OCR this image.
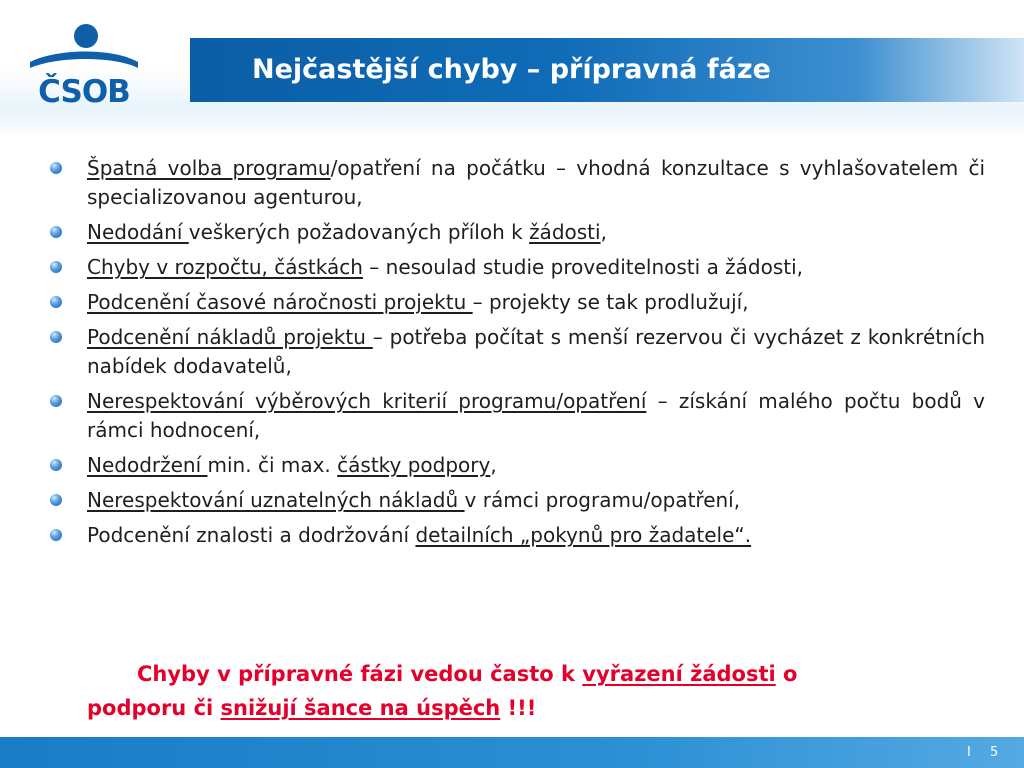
ČSOB
Nejčastější chyby – přípravná fáze
Špatná volba programu/opatření na počátku – vhodná konzultace s vyhlašovatelem či specializovanou agenturou,
Nedodání veškerých požadovaných příloh k žádosti,
Chyby v rozpočtu, částkách – nesoulad studie proveditelnosti a žádosti,
Podcenění časové náročnosti projektu – projekty se tak prodlužují,
Podcenění nákladů projektu – potřeba počítat s menší rezervou či vycházet z konkrétních nabídek dodavatelů,
Nerespektování výběrových kriterií programu/opatření – získání malého počtu bodů v rámci hodnocení,
Nedodržení min. či max. částky podpory,
Nerespektování uznatelných nákladů v rámci programu/opatření,
Podcenění znalosti a dodržování detailních „pokynů pro žadatele“.
Chyby v přípravné fázi vedou často k vyřazení žádosti o podporu či snižují šance na úspěch !!!
I 5
